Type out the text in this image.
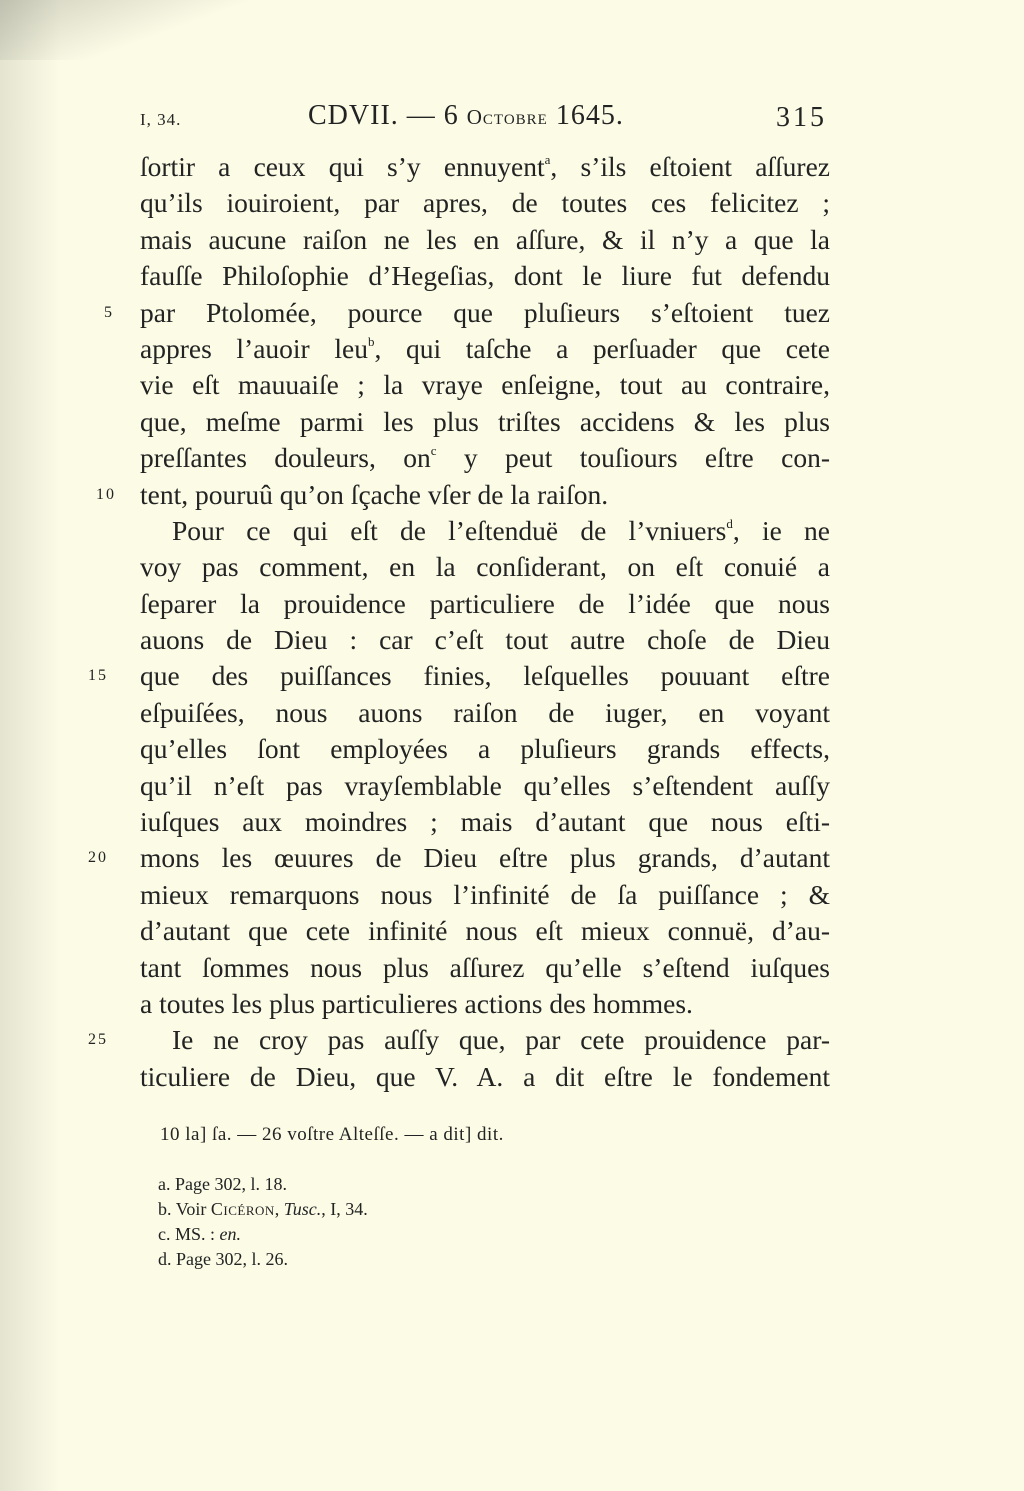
I, 34.	CDVII. — 6 Octobre 1645.	315
ſortir a ceux qui s’y ennuyent$^a$, s’ils eſtoient aſſurez
qu’ils iouiroient, par apres, de toutes ces felicitez ;
mais aucune raiſon ne les en aſſure, & il n’y a que la
fauſſe Philoſophie d’Hegeſias, dont le liure fut defendu
5 par Ptolomée, pource que pluſieurs s’eſtoient tuez
appres l’auoir leu$^b$, qui taſche a perſuader que cete
vie eſt mauuaiſe ; la vraye enſeigne, tout au contraire,
que, meſme parmi les plus triſtes accidens & les plus
preſſantes douleurs, $on^c$ y peut touſiours eſtre con-
10 tent, pouruû qu’on ſçache vſer de la raiſon.
Pour ce qui eſt de l’eſtenduë de l’vniuers$^d$, ie ne
voy pas comment, en la conſiderant, on eſt conuié a
ſeparer la prouidence particuliere de l’idée que nous
auons de Dieu : car c’eſt tout autre choſe de Dieu
15 que des puiſſances finies, leſquelles pouuant eſtre
eſpuiſées, nous auons raiſon de iuger, en voyant
qu’elles ſont employées a pluſieurs grands effects,
qu’il n’eſt pas vrayſemblable qu’elles s’eſtendent auſſy
iuſques aux moindres ; mais d’autant que nous eſti-
20 mons les œuures de Dieu eſtre plus grands, d’autant
mieux remarquons nous l’infinité de ſa puiſſance ; &
d’autant que cete infinité nous eſt mieux connuë, d’au-
tant ſommes nous plus aſſurez qu’elle s’eſtend iuſques
a toutes les plus particulieres actions des hommes.
25 Ie ne croy pas auſſy que, par cete prouidence par-
ticuliere de Dieu, que V. A. a dit eſtre le fondement
10 la] ſa. — 26 voſtre Alteſſe. — a dit] dit.
a. Page 302, l. 18.
b. Voir Cicéron, Tusc., I, 34.
c. MS. : en.
d. Page 302, l. 26.
